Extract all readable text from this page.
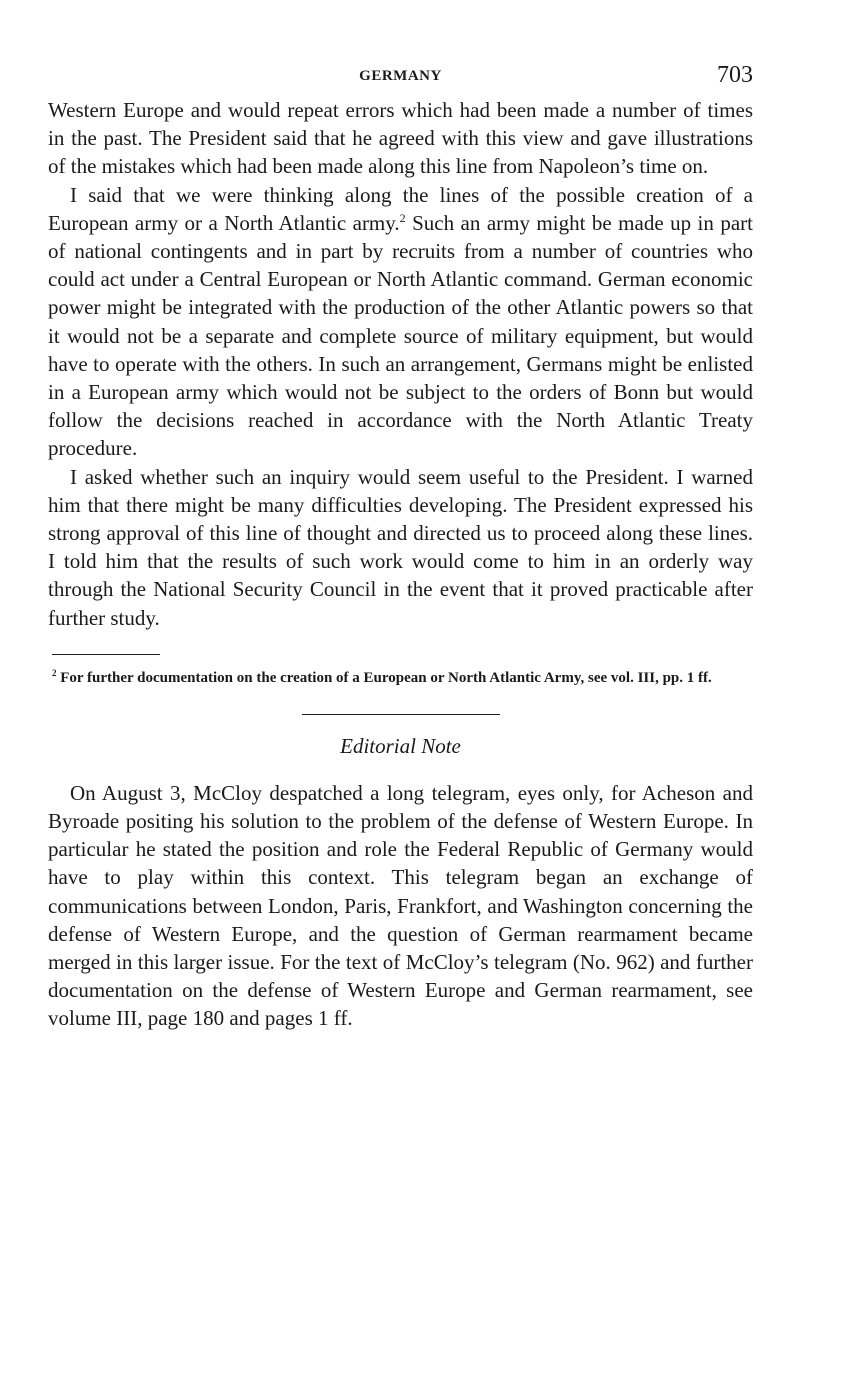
GERMANY	703

Western Europe and would repeat errors which had been made a number of times in the past. The President said that he agreed with this view and gave illustrations of the mistakes which had been made along this line from Napoleon’s time on.

I said that we were thinking along the lines of the possible creation of a European army or a North Atlantic army.$^2$ Such an army might be made up in part of national contingents and in part by recruits from a number of countries who could act under a Central European or North Atlantic command. German economic power might be integrated with the production of the other Atlantic powers so that it would not be a separate and complete source of military equipment, but would have to operate with the others. In such an arrangement, Germans might be enlisted in a European army which would not be subject to the orders of Bonn but would follow the decisions reached in accordance with the North Atlantic Treaty procedure.

I asked whether such an inquiry would seem useful to the President. I warned him that there might be many difficulties developing. The President expressed his strong approval of this line of thought and directed us to proceed along these lines. I told him that the results of such work would come to him in an orderly way through the National Security Council in the event that it proved practicable after further study.

$^2$ For further documentation on the creation of a European or North Atlantic Army, see vol. III, pp. 1 ff.

Editorial Note

On August 3, McCloy despatched a long telegram, eyes only, for Acheson and Byroade positing his solution to the problem of the defense of Western Europe. In particular he stated the position and role the Federal Republic of Germany would have to play within this context. This telegram began an exchange of communications between London, Paris, Frankfort, and Washington concerning the defense of Western Europe, and the question of German rearmament became merged in this larger issue. For the text of McCloy’s telegram (No. 962) and further documentation on the defense of Western Europe and German rearmament, see volume III, page 180 and pages 1 ff.
